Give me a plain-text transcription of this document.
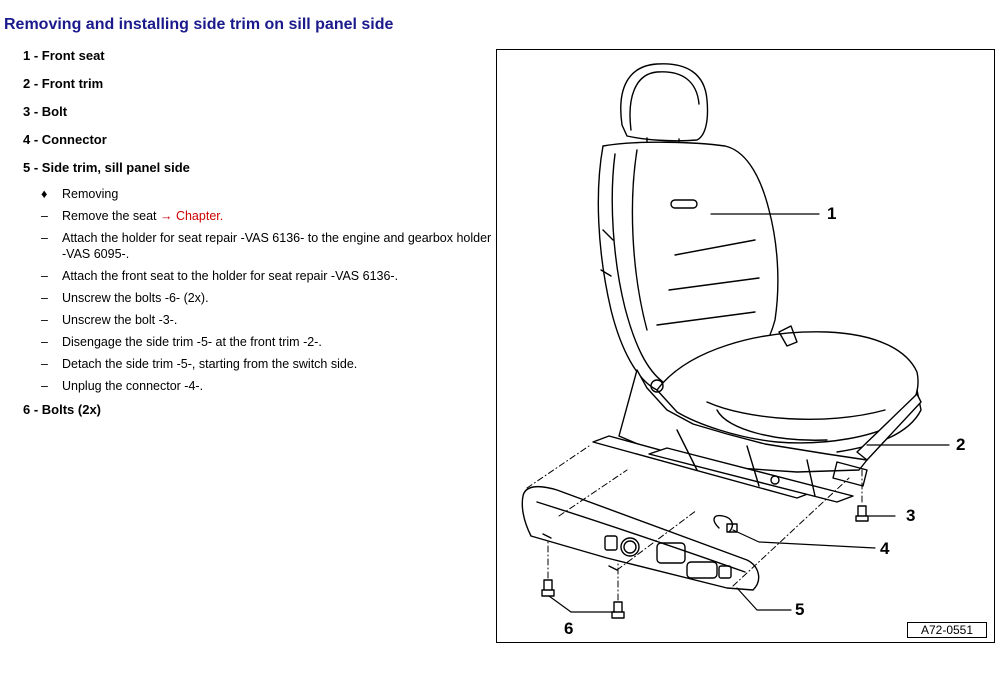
Removing and installing side trim on sill panel side
1 - Front seat
2 - Front trim
3 - Bolt
4 - Connector
5 - Side trim, sill panel side
♦	Removing
–	Remove the seat → Chapter.
–	Attach the holder for seat repair -VAS 6136- to the engine and gearbox holder -VAS 6095-.
–	Attach the front seat to the holder for seat repair -VAS 6136-.
–	Unscrew the bolts -6- (2x).
–	Unscrew the bolt -3-.
–	Disengage the side trim -5- at the front trim -2-.
–	Detach the side trim -5-, starting from the switch side.
–	Unplug the connector -4-.
6 - Bolts (2x)
1
2
3
4
5
6	A72-0551
